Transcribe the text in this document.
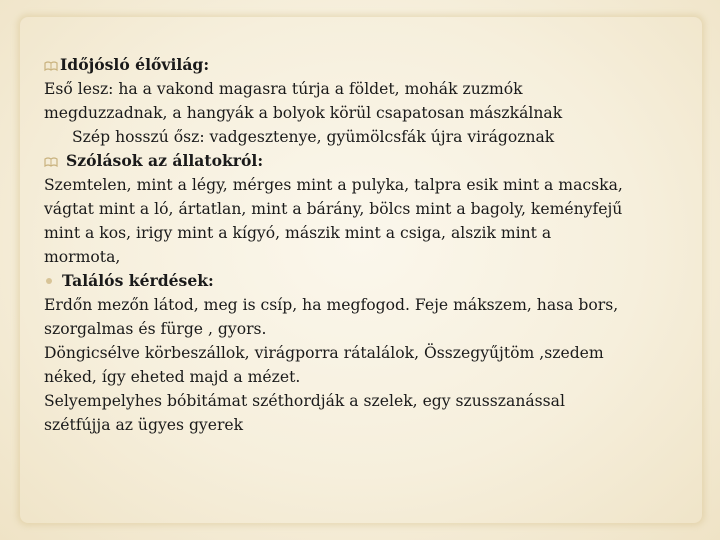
Időjósló élővilág:
Eső lesz: ha a vakond magasra túrja a földet, mohák zuzmók
megduzzadnak, a hangyák a bolyok körül csapatosan mászkálnak
Szép hosszú ősz: vadgesztenye, gyümölcsfák újra virágoznak
Szólások az állatokról:
Szemtelen, mint a légy, mérges mint a pulyka, talpra esik mint a macska,
vágtat mint a ló, ártatlan, mint a bárány, bölcs mint a bagoly, keményfejű
mint a kos, irigy mint a kígyó, mászik mint a csiga, alszik mint a
mormota,
Találós kérdések:
Erdőn mezőn látod, meg is csíp, ha megfogod. Feje mákszem, hasa bors,
szorgalmas és fürge , gyors.
Döngicsélve körbeszállok, virágporra rátalálok, Összegyűjtöm ,szedem
néked, így eheted majd a mézet.
Selyempelyhes bóbitámat széthordják a szelek, egy szusszanással
szétfújja az ügyes gyerek
